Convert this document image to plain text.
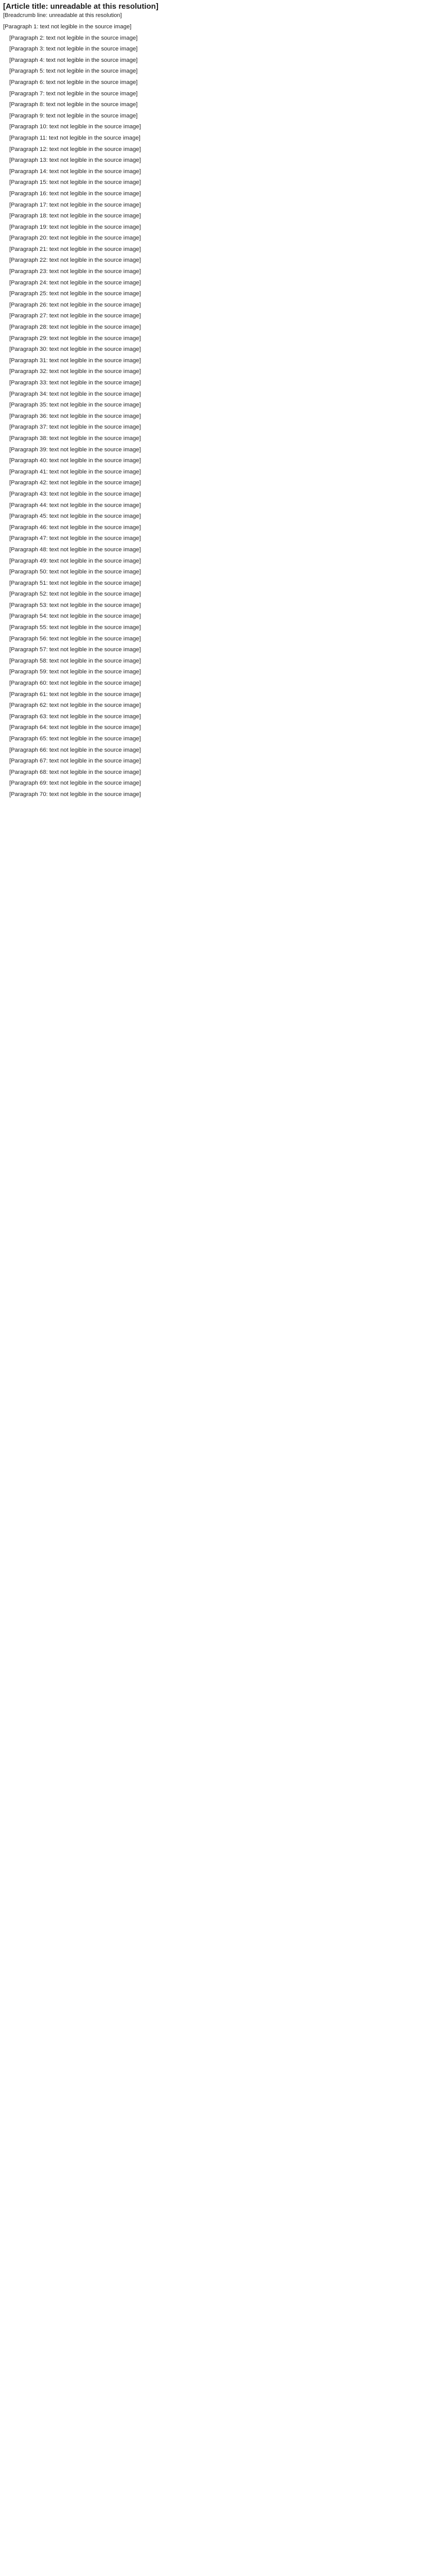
[Article title: unreadable at this resolution]
[Breadcrumb line: unreadable at this resolution]

[Paragraph 1: text not legible in the source image]

[Paragraph 2: text not legible in the source image]

[Paragraph 3: text not legible in the source image]

[Paragraph 4: text not legible in the source image]

[Paragraph 5: text not legible in the source image]

[Paragraph 6: text not legible in the source image]

[Paragraph 7: text not legible in the source image]

[Paragraph 8: text not legible in the source image]

[Paragraph 9: text not legible in the source image]

[Paragraph 10: text not legible in the source image]

[Paragraph 11: text not legible in the source image]

[Paragraph 12: text not legible in the source image]

[Paragraph 13: text not legible in the source image]

[Paragraph 14: text not legible in the source image]

[Paragraph 15: text not legible in the source image]

[Paragraph 16: text not legible in the source image]

[Paragraph 17: text not legible in the source image]

[Paragraph 18: text not legible in the source image]

[Paragraph 19: text not legible in the source image]

[Paragraph 20: text not legible in the source image]

[Paragraph 21: text not legible in the source image]

[Paragraph 22: text not legible in the source image]

[Paragraph 23: text not legible in the source image]

[Paragraph 24: text not legible in the source image]

[Paragraph 25: text not legible in the source image]

[Paragraph 26: text not legible in the source image]

[Paragraph 27: text not legible in the source image]

[Paragraph 28: text not legible in the source image]

[Paragraph 29: text not legible in the source image]

[Paragraph 30: text not legible in the source image]

[Paragraph 31: text not legible in the source image]

[Paragraph 32: text not legible in the source image]

[Paragraph 33: text not legible in the source image]

[Paragraph 34: text not legible in the source image]

[Paragraph 35: text not legible in the source image]

[Paragraph 36: text not legible in the source image]

[Paragraph 37: text not legible in the source image]

[Paragraph 38: text not legible in the source image]

[Paragraph 39: text not legible in the source image]

[Paragraph 40: text not legible in the source image]

[Paragraph 41: text not legible in the source image]

[Paragraph 42: text not legible in the source image]

[Paragraph 43: text not legible in the source image]

[Paragraph 44: text not legible in the source image]

[Paragraph 45: text not legible in the source image]

[Paragraph 46: text not legible in the source image]

[Paragraph 47: text not legible in the source image]

[Paragraph 48: text not legible in the source image]

[Paragraph 49: text not legible in the source image]

[Paragraph 50: text not legible in the source image]

[Paragraph 51: text not legible in the source image]

[Paragraph 52: text not legible in the source image]

[Paragraph 53: text not legible in the source image]

[Paragraph 54: text not legible in the source image]

[Paragraph 55: text not legible in the source image]

[Paragraph 56: text not legible in the source image]

[Paragraph 57: text not legible in the source image]

[Paragraph 58: text not legible in the source image]

[Paragraph 59: text not legible in the source image]

[Paragraph 60: text not legible in the source image]

[Paragraph 61: text not legible in the source image]

[Paragraph 62: text not legible in the source image]

[Paragraph 63: text not legible in the source image]

[Paragraph 64: text not legible in the source image]

[Paragraph 65: text not legible in the source image]

[Paragraph 66: text not legible in the source image]

[Paragraph 67: text not legible in the source image]

[Paragraph 68: text not legible in the source image]

[Paragraph 69: text not legible in the source image]

[Paragraph 70: text not legible in the source image]
